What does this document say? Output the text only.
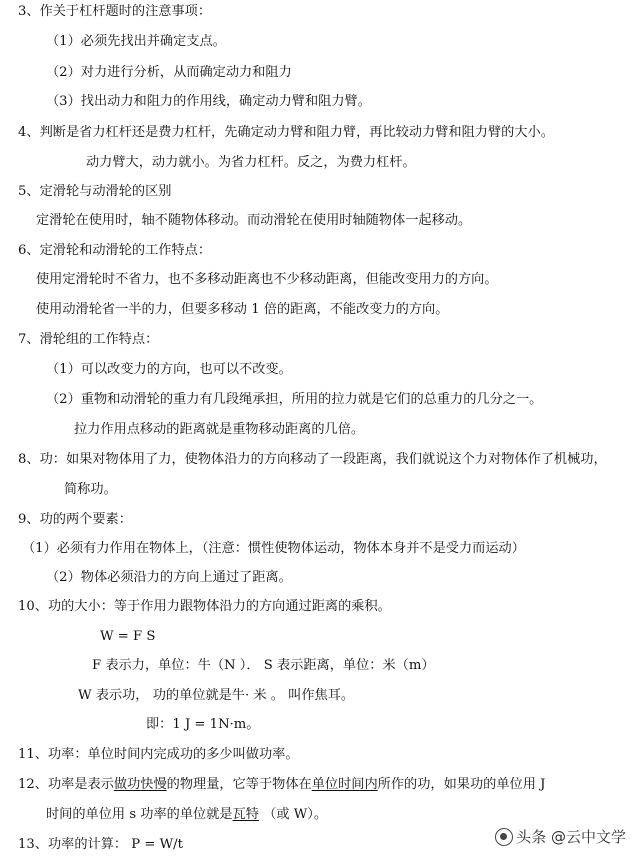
3、作关于杠杆题时的注意事项：
（1）必须先找出并确定支点。
（2）对力进行分析，从而确定动力和阻力
（3）找出动力和阻力的作用线，确定动力臂和阻力臂。
4、判断是省力杠杆还是费力杠杆，先确定动力臂和阻力臂，再比较动力臂和阻力臂的大小。
动力臂大，动力就小。为省力杠杆。反之，为费力杠杆。
5、定滑轮与动滑轮的区别
定滑轮在使用时，轴不随物体移动。而动滑轮在使用时轴随物体一起移动。
6、定滑轮和动滑轮的工作特点：
使用定滑轮时不省力，也不多移动距离也不少移动距离，但能改变用力的方向。
使用动滑轮省一半的力，但要多移动 1 倍的距离，不能改变力的方向。
7、滑轮组的工作特点：
（1）可以改变力的方向，也可以不改变。
（2）重物和动滑轮的重力有几段绳承担，所用的拉力就是它们的总重力的几分之一。
拉力作用点移动的距离就是重物移动距离的几倍。
8、功：如果对物体用了力，使物体沿力的方向移动了一段距离，我们就说这个力对物体作了机械功，
简称功。
9、功的两个要素：
（1）必须有力作用在物体上，（注意：惯性使物体运动，物体本身并不是受力而运动）
（2）物体必须沿力的方向上通过了距离。
10、功的大小：等于作用力跟物体沿力的方向通过距离的乘积。
W = F S
F 表示力，单位：牛（N ）． S 表示距离，单位：米（m）
W 表示功， 功的单位就是牛· 米 。 叫作焦耳。
即：1 J = 1N·m。
11、功率：单位时间内完成功的多少叫做功率。
12、功率是表示做功快慢的物理量，它等于物体在单位时间内所作的功，如果功的单位用 J
时间的单位用 s 功率的单位就是瓦特 （或 W）。
13、功率的计算： P = W/t	头条 @云中文学
